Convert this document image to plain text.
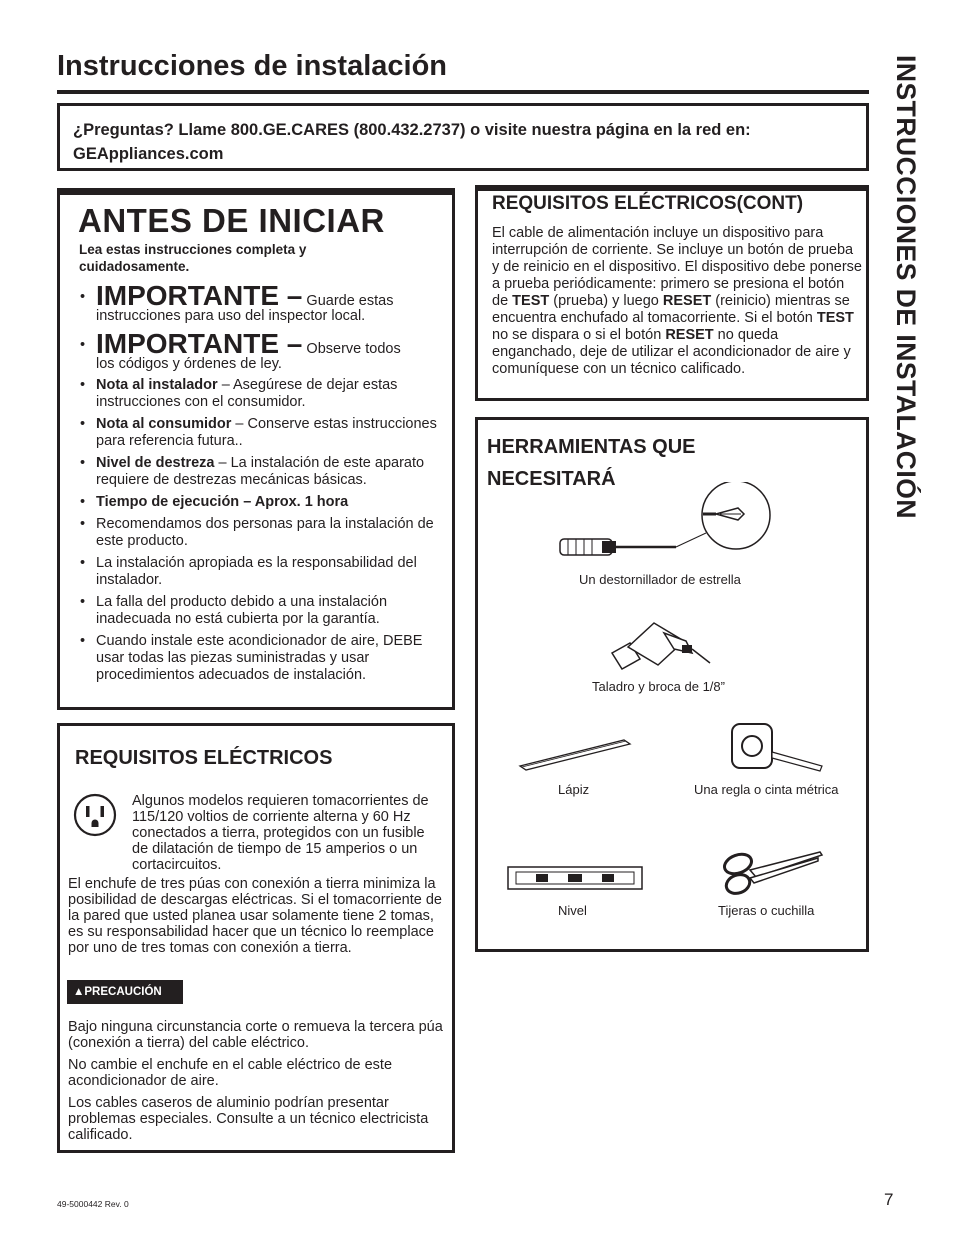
Instrucciones de instalación	INSTRUCCIONES DE INSTALACIÓN
¿Preguntas? Llame 800.GE.CARES (800.432.2737) o visite nuestra página en la red en:
GEAppliances.com
ANTES DE INICIAR
Lea estas instrucciones completa y cuidadosamente.
• IMPORTANTE – Guarde estas
instrucciones para uso del inspector local.
• IMPORTANTE – Observe todos
los códigos y órdenes de ley.
• Nota al instalador – Asegúrese de dejar estas instrucciones con el consumidor.
• Nota al consumidor – Conserve estas instrucciones para referencia futura..
• Nivel de destreza – La instalación de este aparato requiere de destrezas mecánicas básicas.
• Tiempo de ejecución – Aprox. 1 hora
• Recomendamos dos personas para la instalación de este producto.
• La instalación apropiada es la responsabilidad del instalador.
• La falla del producto debido a una instalación inadecuada no está cubierta por la garantía.
• Cuando instale este acondicionador de aire, DEBE usar todas las piezas suministradas y usar procedimientos adecuados de instalación.
REQUISITOS ELÉCTRICOS
Algunos modelos requieren tomacorrientes de 115/120 voltios de corriente alterna y 60 Hz conectados a tierra, protegidos con un fusible de dilatación de tiempo de 15 amperios o un cortacircuitos.
El enchufe de tres púas con conexión a tierra minimiza la posibilidad de descargas eléctricas. Si el tomacorriente de la pared que usted planea usar solamente tiene 2 tomas, es su responsabilidad hacer que un técnico lo reemplace por uno de tres tomas con conexión a tierra.
▲PRECAUCIÓN
Bajo ninguna circunstancia corte o remueva la tercera púa (conexión a tierra) del cable eléctrico.
No cambie el enchufe en el cable eléctrico de este acondicionador de aire.
Los cables caseros de aluminio podrían presentar problemas especiales. Consulte a un técnico electricista calificado.
REQUISITOS ELÉCTRICOS(CONT)
El cable de alimentación incluye un dispositivo para interrupción de corriente. Se incluye un botón de prueba y de reinicio en el dispositivo. El dispositivo debe ponerse a prueba periódicamente: primero se presiona el botón de TEST (prueba) y luego RESET (reinicio) mientras se encuentra enchufado al tomacorriente. Si el botón TEST no se dispara o si el botón RESET no queda enganchado, deje de utilizar el acondicionador de aire y comuníquese con un técnico calificado.
HERRAMIENTAS QUE
NECESITARÁ
Un destornillador de estrella
Taladro y broca de 1/8”
Lápiz	Una regla o cinta métrica
Nivel	Tijeras o cuchilla
49-5000442 Rev. 0	7
